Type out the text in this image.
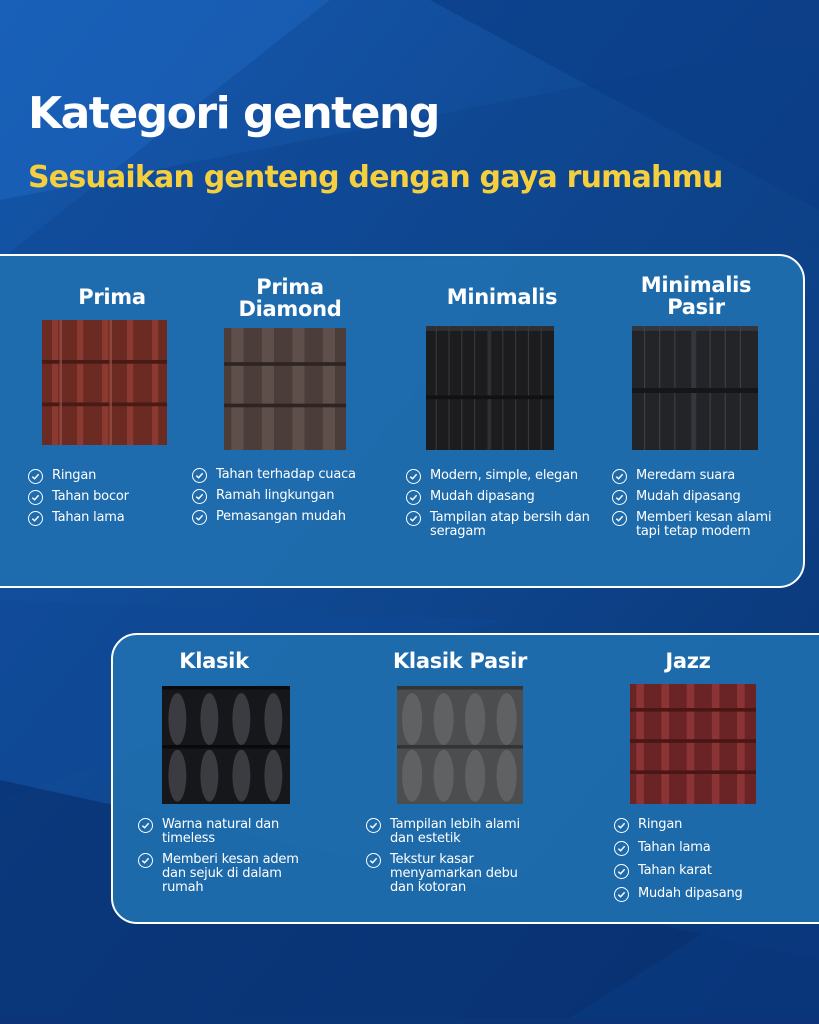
Kategori genteng
Sesuaikan genteng dengan gaya rumahmu
Prima
Ringan
Tahan bocor
Tahan lama
Prima
Diamond
Tahan terhadap cuaca
Ramah lingkungan
Pemasangan mudah
Minimalis
Modern, simple, elegan
Mudah dipasang
Tampilan atap bersih dan seragam
Minimalis
Pasir
Meredam suara
Mudah dipasang
Memberi kesan alami tapi tetap modern
Klasik
Warna natural dan timeless
Memberi kesan adem dan sejuk di dalam rumah
Klasik Pasir
Tampilan lebih alami dan estetik
Tekstur kasar menyamarkan debu dan kotoran
Jazz
Ringan
Tahan lama
Tahan karat
Mudah dipasang
